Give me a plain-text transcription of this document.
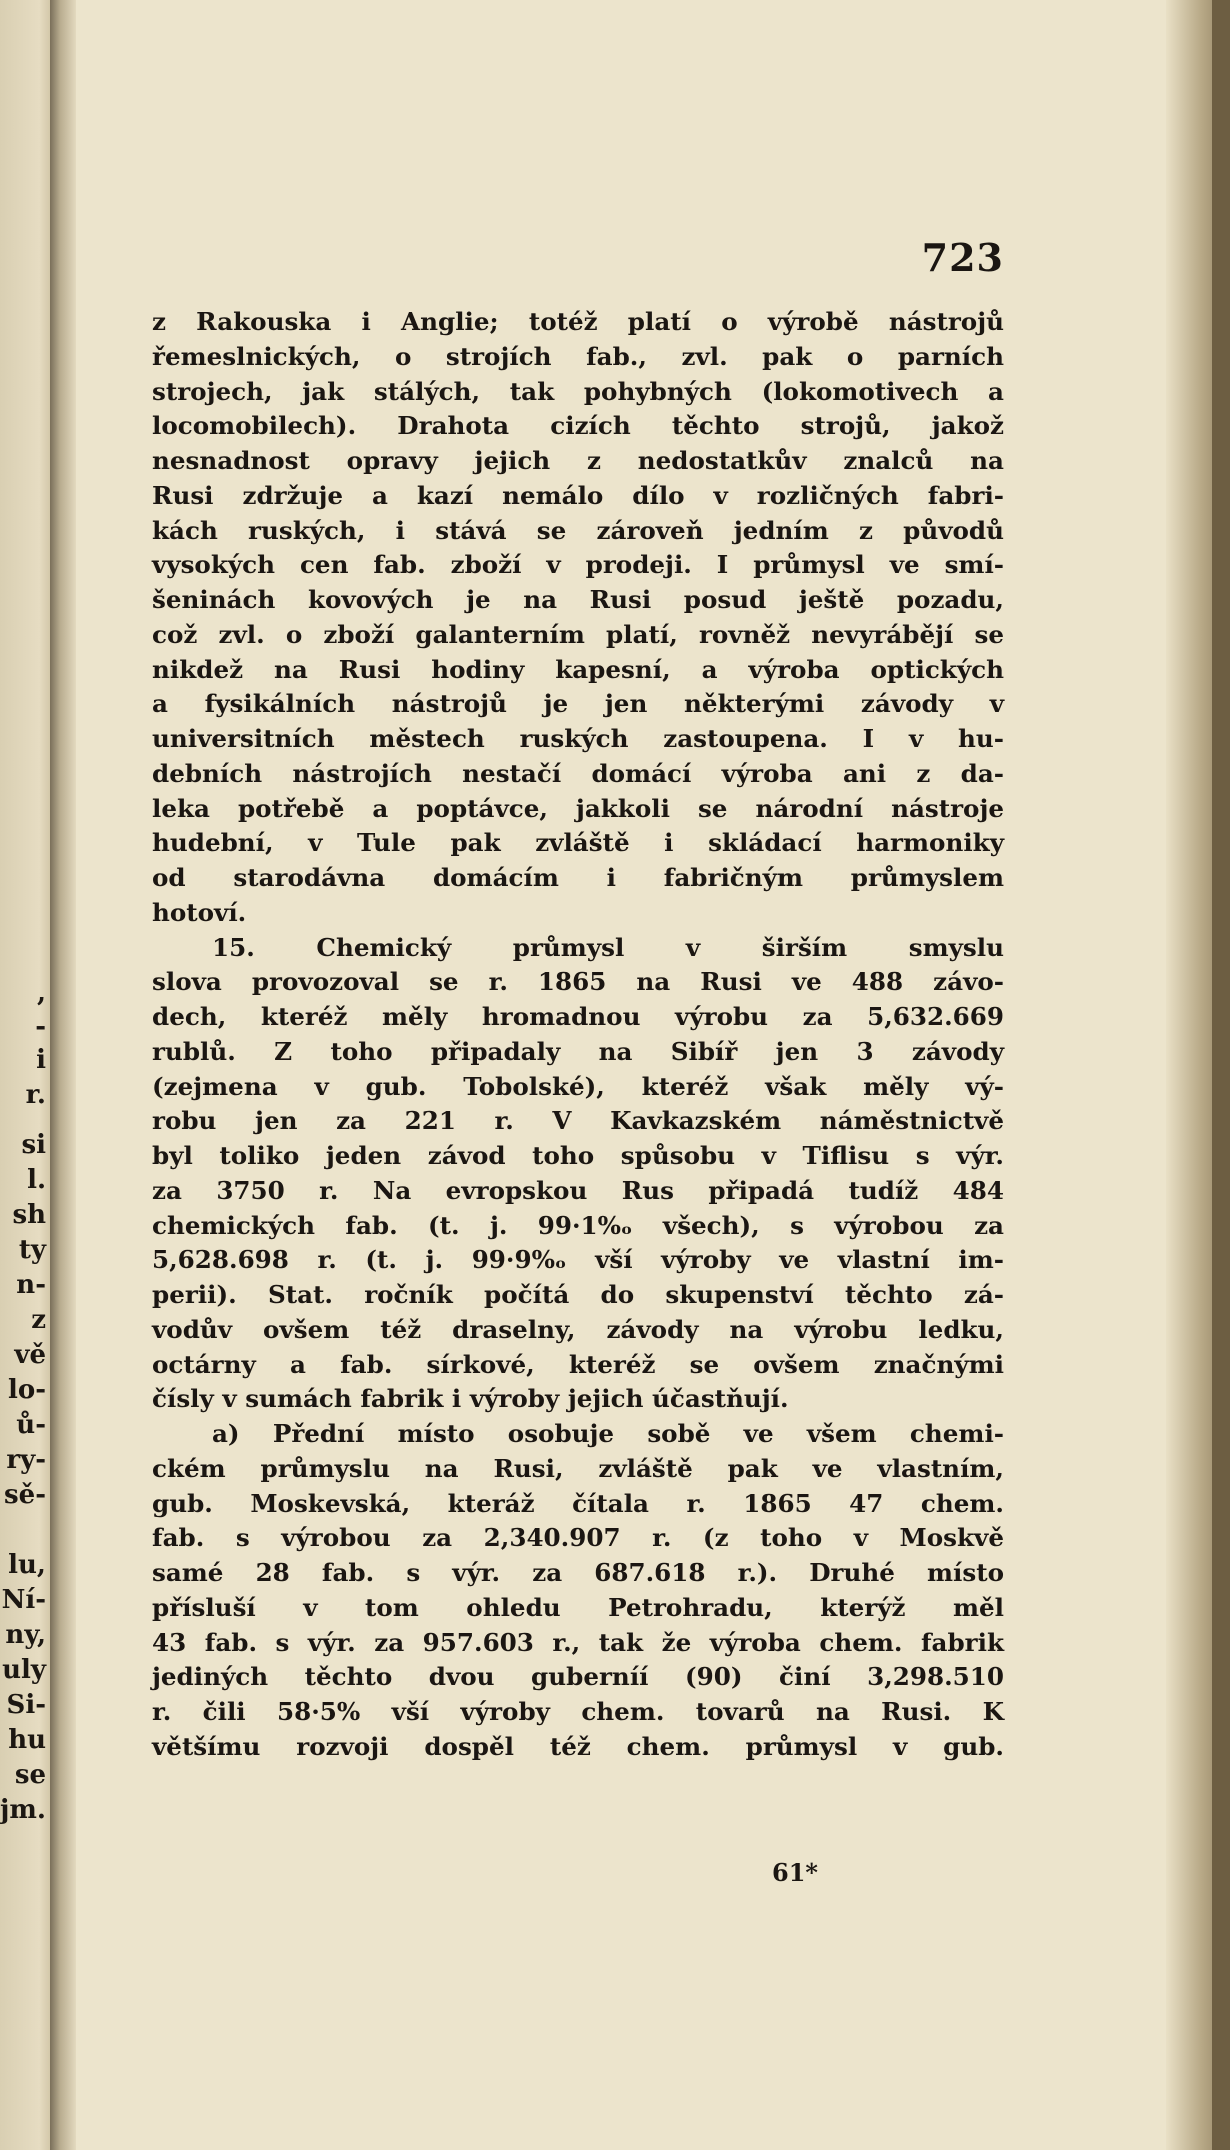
,
-
i
r.
si
l.
sh
ty
n-
z
vě
lo-
ů-
ry-
sě-
lu,
Ní-
ny,
uly
Si-
hu
se
jm.
723
z Rakouska i Anglie; totéž platí o výrobě nástrojů
řemeslnických, o strojích fab., zvl. pak o parních
strojech, jak stálých, tak pohybných (lokomotivech a
locomobilech). Drahota cizích těchto strojů, jakož
nesnadnost opravy jejich z nedostatkův znalců na
Rusi zdržuje a kazí nemálo dílo v rozličných fabri-
kách ruských, i stává se zároveň jedním z původů
vysokých cen fab. zboží v prodeji. I průmysl ve smí-
šeninách kovových je na Rusi posud ještě pozadu,
což zvl. o zboží galanterním platí, rovněž nevyrábějí se
nikdež na Rusi hodiny kapesní, a výroba optických
a fysikálních nástrojů je jen některými závody v
universitních městech ruských zastoupena. I v hu-
debních nástrojích nestačí domácí výroba ani z da-
leka potřebě a poptávce, jakkoli se národní nástroje
hudební, v Tule pak zvláště i skládací harmoniky
od starodávna domácím i fabričným průmyslem
hotoví.
15. Chemický průmysl v širším smyslu
slova provozoval se r. 1865 na Rusi ve 488 závo-
dech, kteréž měly hromadnou výrobu za 5,632.669
rublů. Z toho připadaly na Sibíř jen 3 závody
(zejmena v gub. Tobolské), kteréž však měly vý-
robu jen za 221 r. V Kavkazském náměstnictvě
byl toliko jeden závod toho spůsobu v Tiflisu s výr.
za 3750 r. Na evropskou Rus připadá tudíž 484
chemických fab. (t. j. 99·1%ₒ všech), s výrobou za
5,628.698 r. (t. j. 99·9%ₒ vší výroby ve vlastní im-
perii). Stat. ročník počítá do skupenství těchto zá-
vodův ovšem též draselny, závody na výrobu ledku,
octárny a fab. sírkové, kteréž se ovšem značnými
čísly v sumách fabrik i výroby jejich účastňují.
a) Přední místo osobuje sobě ve všem chemi-
ckém průmyslu na Rusi, zvláště pak ve vlastním,
gub. Moskevská, kteráž čítala r. 1865 47 chem.
fab. s výrobou za 2,340.907 r. (z toho v Moskvě
samé 28 fab. s výr. za 687.618 r.). Druhé místo
přísluší v tom ohledu Petrohradu, kterýž měl
43 fab. s výr. za 957.603 r., tak že výroba chem. fabrik
jediných těchto dvou guberníí (90) činí 3,298.510
r. čili 58·5% vší výroby chem. tovarů na Rusi. K
většímu rozvoji dospěl též chem. průmysl v gub.
61*
